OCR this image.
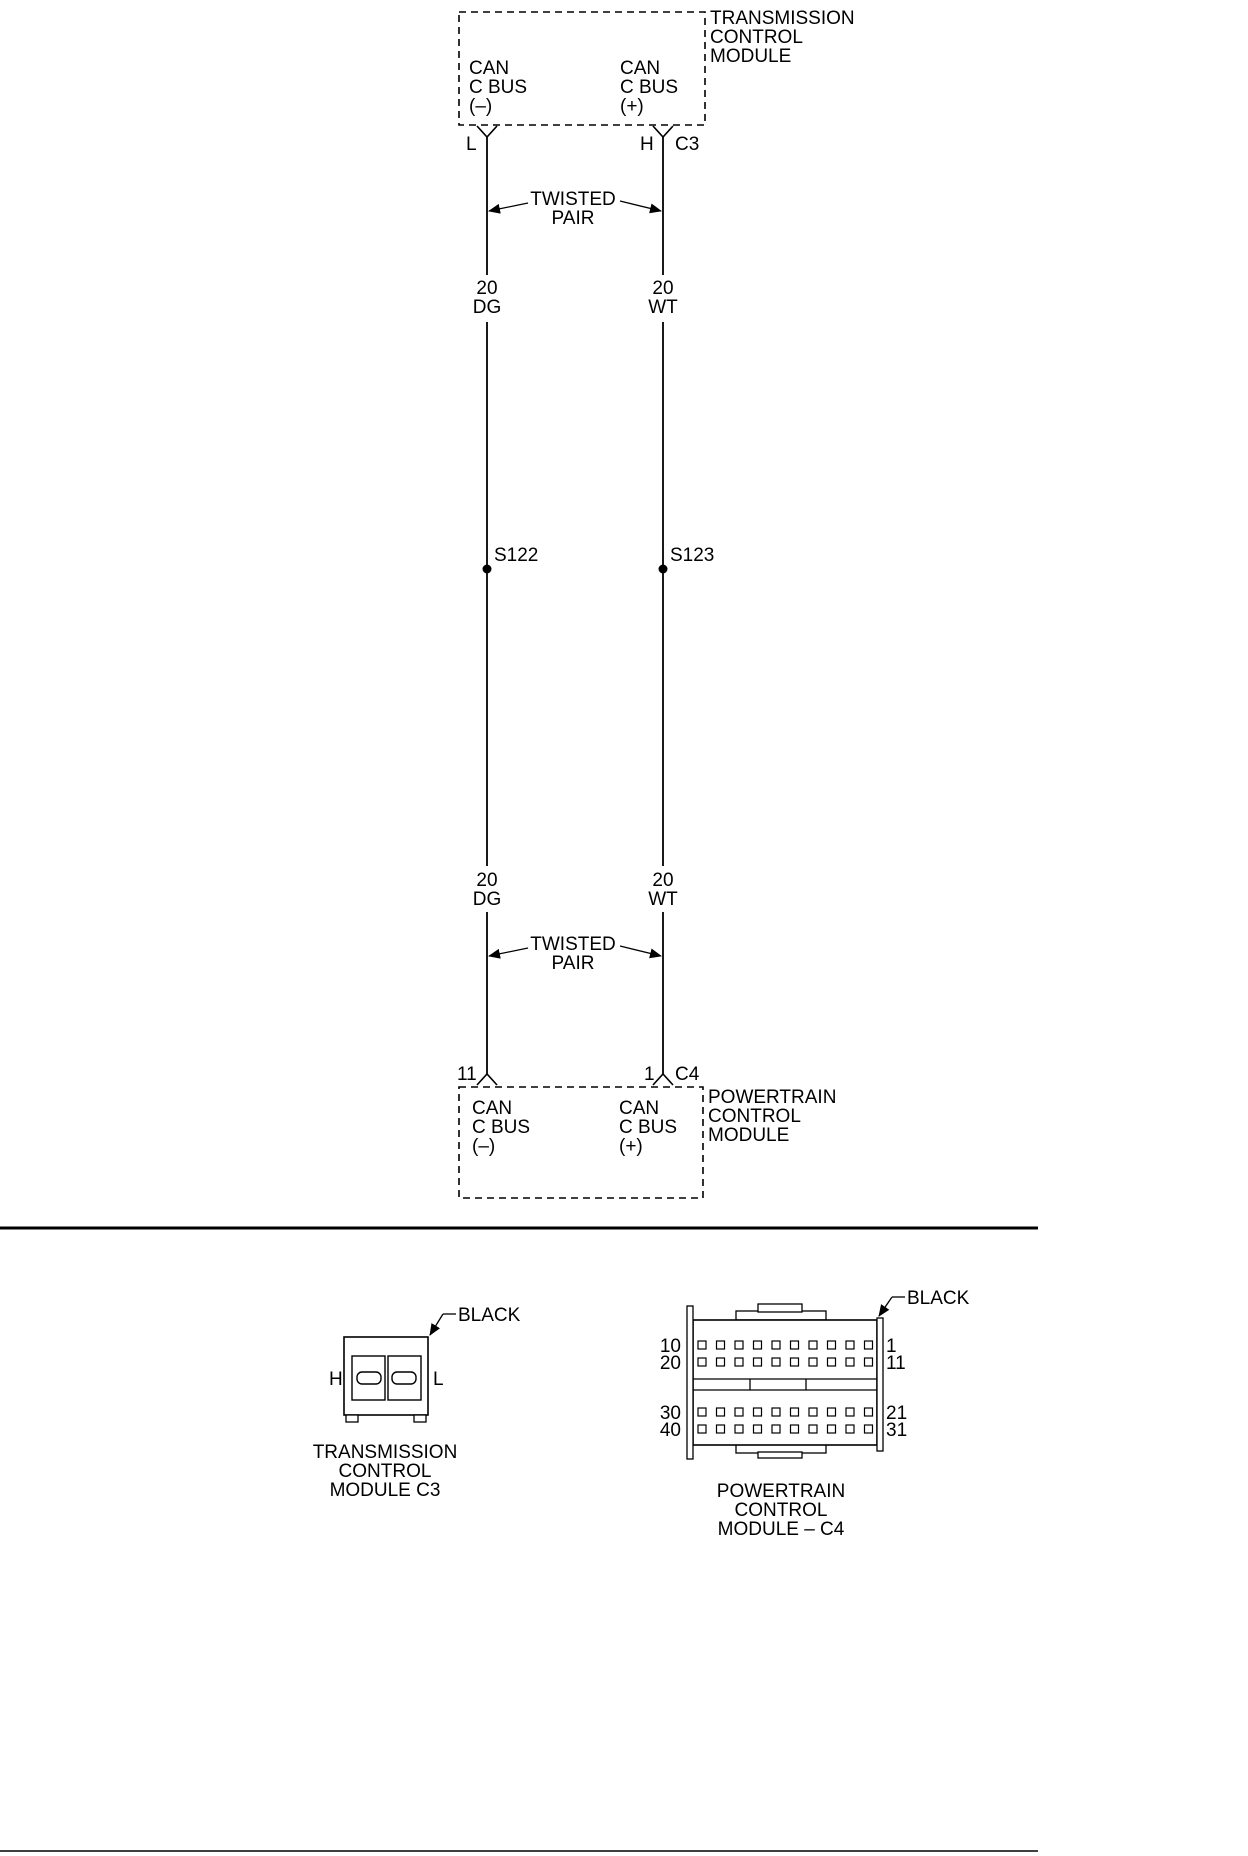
TRANSMISSION
CONTROL
MODULE
CAN
C BUS
(–)
CAN
C BUS
(+)
L	H C3
TWISTED
PAIR
20
DG
20
WT
S122	S123
20
DG
20
WT
TWISTED
PAIR
11	1 C4
POWERTRAIN
CONTROL
MODULE
CAN
C BUS
(–)
CAN
C BUS
(+)
H	L
BLACK
TRANSMISSION
CONTROL
MODULE C3
10
20
30
40
1
11
21
31
BLACK
POWERTRAIN
CONTROL
MODULE – C4
